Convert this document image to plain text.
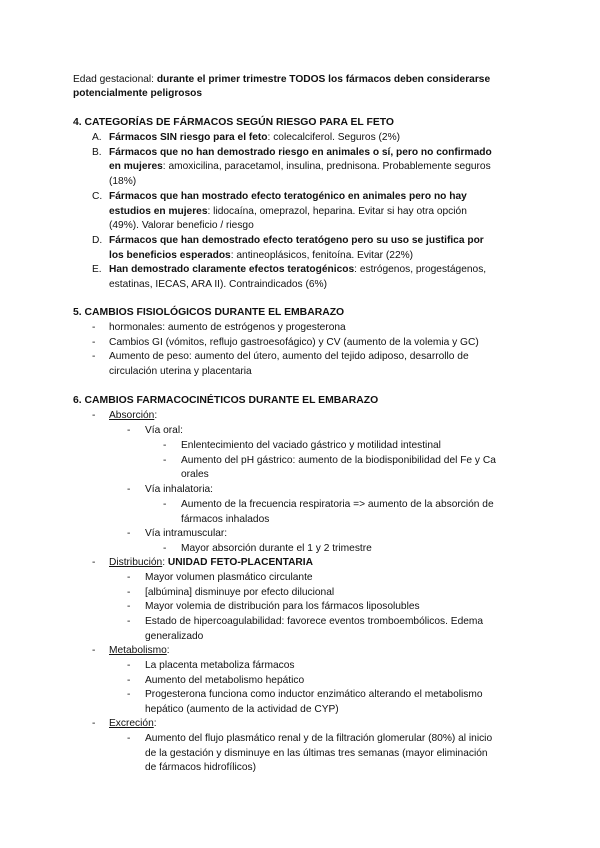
Edad gestacional: durante el primer trimestre TODOS los fármacos deben considerarse
potencialmente peligrosos
4. CATEGORÍAS DE FÁRMACOS SEGÚN RIESGO PARA EL FETO
A. Fármacos SIN riesgo para el feto: colecalciferol. Seguros (2%)
B. Fármacos que no han demostrado riesgo en animales o sí, pero no confirmado
en mujeres: amoxicilina, paracetamol, insulina, prednisona. Probablemente seguros
(18%)
C. Fármacos que han mostrado efecto teratogénico en animales pero no hay
estudios en mujeres: lidocaína, omeprazol, heparina. Evitar si hay otra opción
(49%). Valorar beneficio / riesgo
D. Fármacos que han demostrado efecto teratógeno pero su uso se justifica por
los beneficios esperados: antineoplásicos, fenitoína. Evitar (22%)
E. Han demostrado claramente efectos teratogénicos: estrógenos, progestágenos,
estatinas, IECAS, ARA II). Contraindicados (6%)
5. CAMBIOS FISIOLÓGICOS DURANTE EL EMBARAZO
- hormonales: aumento de estrógenos y progesterona
- Cambios GI (vómitos, reflujo gastroesofágico) y CV (aumento de la volemia y GC)
- Aumento de peso: aumento del útero, aumento del tejido adiposo, desarrollo de
circulación uterina y placentaria
6. CAMBIOS FARMACOCINÉTICOS DURANTE EL EMBARAZO
- Absorción:
- Vía oral:
- Enlentecimiento del vaciado gástrico y motilidad intestinal
- Aumento del pH gástrico: aumento de la biodisponibilidad del Fe y Ca
orales
- Vía inhalatoria:
- Aumento de la frecuencia respiratoria => aumento de la absorción de
fármacos inhalados
- Vía intramuscular:
- Mayor absorción durante el 1 y 2 trimestre
- Distribución: UNIDAD FETO-PLACENTARIA
- Mayor volumen plasmático circulante
- [albúmina] disminuye por efecto dilucional
- Mayor volemia de distribución para los fármacos liposolubles
- Estado de hipercoagulabilidad: favorece eventos tromboembólicos. Edema
generalizado
- Metabolismo:
- La placenta metaboliza fármacos
- Aumento del metabolismo hepático
- Progesterona funciona como inductor enzimático alterando el metabolismo
hepático (aumento de la actividad de CYP)
- Excreción:
- Aumento del flujo plasmático renal y de la filtración glomerular (80%) al inicio
de la gestación y disminuye en las últimas tres semanas (mayor eliminación
de fármacos hidrofílicos)
